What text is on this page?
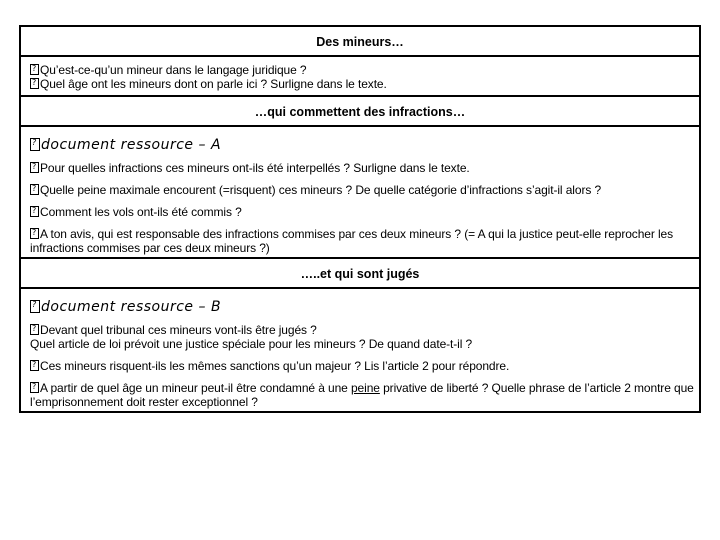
Des mineurs…

?Qu’est-ce-qu’un mineur dans le langage juridique ?

?Quel âge ont les mineurs dont on parle ici ? Surligne dans le texte.

…qui commettent des infractions…
?document ressource – A

?Pour quelles infractions ces mineurs ont-ils été interpellés ? Surligne dans le texte.

?Quelle peine maximale encourent (=risquent) ces mineurs ? De quelle catégorie d’infractions s’agit-il alors ?

?Comment les vols ont-ils été commis ?

?A ton avis, qui est responsable des infractions commises par ces deux mineurs ? (= A qui la justice peut-elle reprocher les infractions commises par ces deux mineurs ?)

…..et qui sont jugés
?document ressource – B

?Devant quel tribunal ces mineurs vont-ils être jugés ?

Quel article de loi prévoit une justice spéciale pour les mineurs ? De quand date-t-il ?

?Ces mineurs risquent-ils les mêmes sanctions qu’un majeur ? Lis l’article 2 pour répondre.

?A partir de quel âge un mineur peut-il être condamné à une peine privative de liberté ? Quelle phrase de l’article 2 montre que l’emprisonnement doit rester exceptionnel ?
